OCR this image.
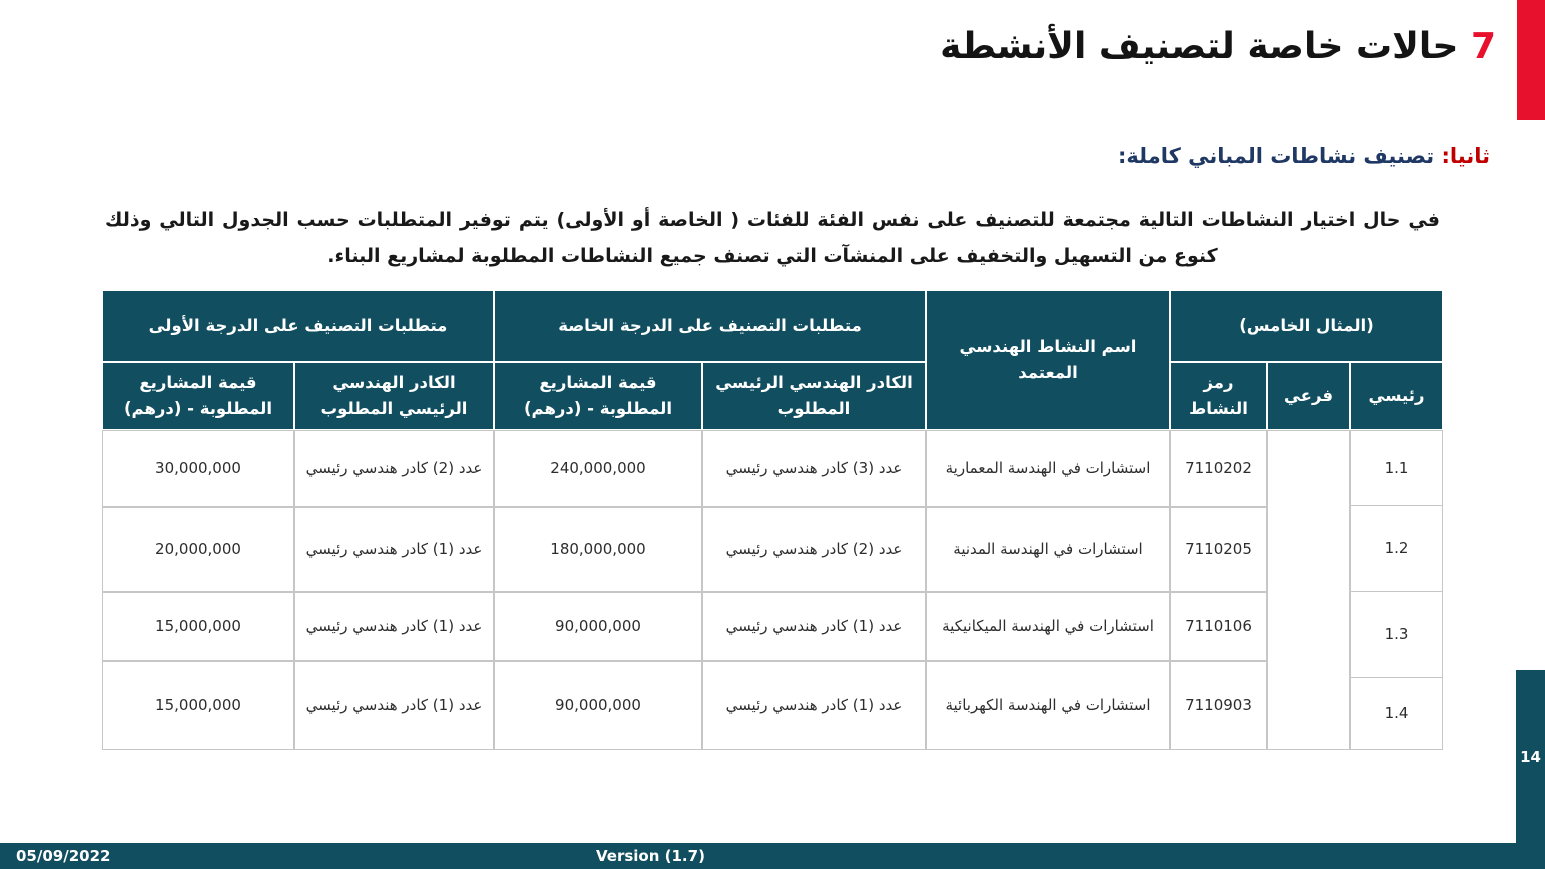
7 حالات خاصة لتصنيف الأنشطة
ثانيا: تصنيف نشاطات المباني كاملة:

في حال اختيار النشاطات التالية مجتمعة للتصنيف على نفس الفئة للفئات ( الخاصة أو الأولى) يتم توفير المتطلبات حسب الجدول التالي وذلك كنوع من التسهيل والتخفيف على المنشآت التي تصنف جميع النشاطات المطلوبة لمشاريع البناء.

(المثال الخامس)
اسم النشاط الهندسي المعتمد
متطلبات التصنيف على الدرجة الخاصة
متطلبات التصنيف على الدرجة الأولى
رئيسي
فرعي
رمز النشاط
الكادر الهندسي الرئيسي المطلوب
قيمة المشاريع المطلوبة - (درهم)
الكادر الهندسي الرئيسي المطلوب
قيمة المشاريع المطلوبة - (درهم)
1.1
1.2
1.3
1.4
7110202
7110205
7110106
7110903
استشارات في الهندسة المعمارية
استشارات في الهندسة المدنية
استشارات في الهندسة الميكانيكية
استشارات في الهندسة الكهربائية
عدد (3) كادر هندسي رئيسي
عدد (2) كادر هندسي رئيسي
عدد (1) كادر هندسي رئيسي
عدد (1) كادر هندسي رئيسي
240,000,000
180,000,000
90,000,000
90,000,000
عدد (2) كادر هندسي رئيسي
عدد (1) كادر هندسي رئيسي
عدد (1) كادر هندسي رئيسي
عدد (1) كادر هندسي رئيسي
30,000,000
20,000,000
15,000,000
15,000,000
14
05/09/2022	Version (1.7)
